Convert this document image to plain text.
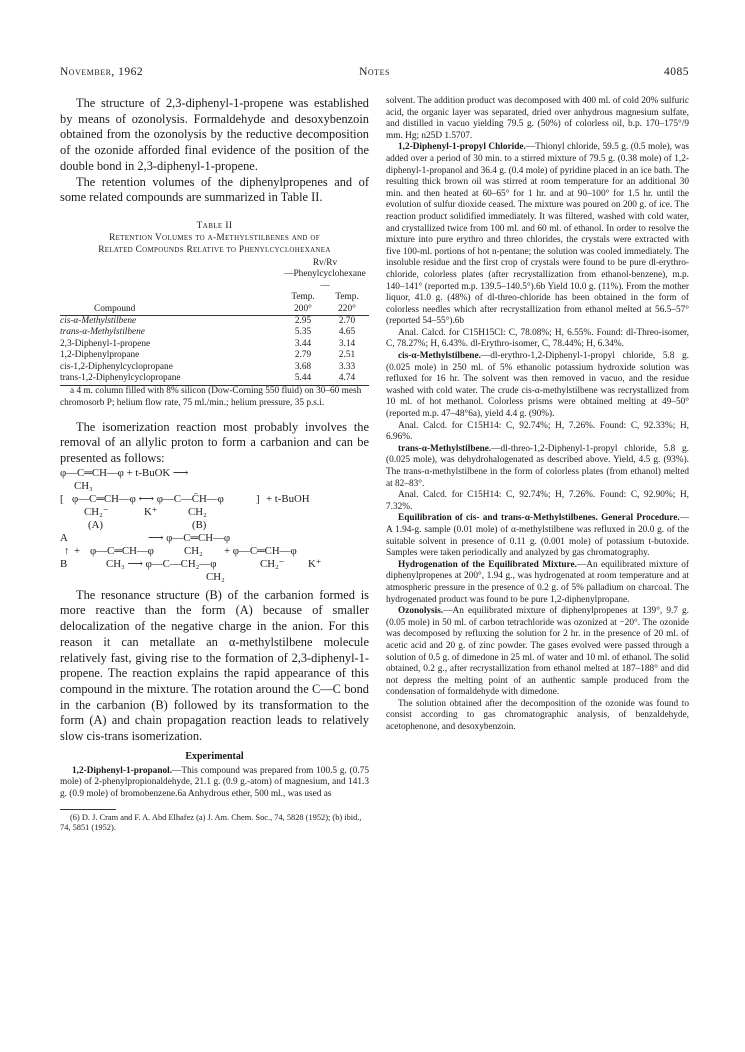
November, 1962	Notes	4085

The structure of 2,3-diphenyl-1-propene was established by means of ozonolysis. Formaldehyde and desoxybenzoin obtained from the ozonolysis by the reductive decomposition of the ozonide afforded final evidence of the position of the double bond in 2,3-diphenyl-1-propene.

The retention volumes of the diphenylpropenes and of some related compounds are summarized in Table II.

Table II
Retention Volumes to α-Methylstilbenes and of
Related Compounds Relative to Phenylcyclohexanea
	Rv/Rv	
	—Phenylcyclohexane—	
	Temp.	Temp.
Compound	200°	220°
cis-α-Methylstilbene	2.95	2.70
trans-α-Methylstilbene	5.35	4.65
2,3-Diphenyl-1-propene	3.44	3.14
1,2-Diphenylpropane	2.79	2.51
cis-1,2-Diphenylcyclopropane	3.68	3.33
trans-1,2-Diphenylcyclopropane	5.44	4.74

a 4 m. column filled with 8% silicon (Dow-Corning 550 fluid) on 30–60 mesh chromosorb P; helium flow rate, 75 ml./min.; helium pressure, 35 p.s.i.

The isomerization reaction most probably involves the removal of an allylic proton to form a carbanion and can be presented as follows:

φ—C═CH—φ + t-BuOK ⟶
CH₃
[ φ—C═CH—φ ⟷ φ—C—C̄H—φ	] + t-BuOH
CH₂⁻	K⁺	CH₂
(A)	(B)
A	⟶ φ—C═CH—φ
↑ + φ—C═CH—φ	CH₂ + φ—C═CH—φ
B	CH₃ ⟶ φ—C—CH₂—φ	CH₂⁻ K⁺
CH₂

The resonance structure (B) of the carbanion formed is more reactive than the form (A) because of smaller delocalization of the negative charge in the anion. For this reason it can metallate an α-methylstilbene molecule relatively fast, giving rise to the formation of 2,3-diphenyl-1-propene. The reaction explains the rapid appearance of this compound in the mixture. The rotation around the C—C bond in the carbanion (B) followed by its transformation to the form (A) and chain propagation reaction leads to relatively slow cis-trans isomerization.

Experimental

1,2-Diphenyl-1-propanol.—This compound was prepared from 100.5 g. (0.75 mole) of 2-phenylpropionaldehyde, 21.1 g. (0.9 g.-atom) of magnesium, and 141.3 g. (0.9 mole) of bromobenzene.6a Anhydrous ether, 500 ml., was used as

(6) D. J. Cram and F. A. Abd Elhafez (a) J. Am. Chem. Soc., 74, 5828 (1952); (b) ibid., 74, 5851 (1952).

solvent. The addition product was decomposed with 400 ml. of cold 20% sulfuric acid, the organic layer was separated, dried over anhydrous magnesium sulfate, and distilled in vacuo yielding 79.5 g. (50%) of colorless oil, b.p. 170–175°/9 mm. Hg; n25D 1.5707.

1,2-Diphenyl-1-propyl Chloride.—Thionyl chloride, 59.5 g. (0.5 mole), was added over a period of 30 min. to a stirred mixture of 79.5 g. (0.38 mole) of 1,2-diphenyl-1-propanol and 36.4 g. (0.4 mole) of pyridine placed in an ice bath. The resulting thick brown oil was stirred at room temperature for an additional 30 min. and then heated at 60–65° for 1 hr. and at 90–100° for 1.5 hr. until the evolution of sulfur dioxide ceased. The mixture was poured on 200 g. of ice. The reaction product solidified immediately. It was filtered, washed with cold water, and crystallized twice from 100 ml. and 60 ml. of ethanol. In order to resolve the mixture into pure erythro and threo chlorides, the crystals were extracted with five 100-ml. portions of hot n-pentane; the solution was cooled immediately. The insoluble residue and the first crop of crystals were found to be pure dl-erythro-chloride, colorless plates (after recrystallization from ethanol-benzene), m.p. 140–141° (reported m.p. 139.5–140.5°).6b Yield 10.0 g. (11%). From the mother liquor, 41.0 g. (48%) of dl-threo-chloride has been obtained in the form of colorless needles which after recrystallization from ethanol melted at 56.5–57° (reported 54–55°).6b

Anal. Calcd. for C15H15Cl: C, 78.08%; H, 6.55%. Found: dl-Threo-isomer, C, 78.27%; H, 6.43%. dl-Erythro-isomer, C, 78.44%; H, 6.34%.

cis-α-Methylstilbene.—dl-erythro-1,2-Diphenyl-1-propyl chloride, 5.8 g. (0.025 mole) in 250 ml. of 5% ethanolic potassium hydroxide solution was refluxed for 16 hr. The solvent was then removed in vacuo, and the residue washed with cold water. The crude cis-α-methylstilbene was recrystallized from 10 ml. of hot methanol. Colorless prisms were obtained melting at 49–50° (reported m.p. 47–48°6a), yield 4.4 g. (90%).

Anal. Calcd. for C15H14: C, 92.74%; H, 7.26%. Found: C, 92.33%; H, 6.96%.

trans-α-Methylstilbene.—dl-threo-1,2-Diphenyl-1-propyl chloride, 5.8 g. (0.025 mole), was dehydrohalogenated as described above. Yield, 4.5 g. (93%). The trans-α-methylstilbene in the form of colorless plates (from ethanol) melted at 82–83°.

Anal. Calcd. for C15H14: C, 92.74%; H, 7.26%. Found: C, 92.90%; H, 7.32%.

Equilibration of cis- and trans-α-Methylstilbenes. General Procedure.—A 1.94-g. sample (0.01 mole) of α-methylstilbene was refluxed in 20.0 g. of the suitable solvent in presence of 0.11 g. (0.001 mole) of potassium t-butoxide. Samples were taken periodically and analyzed by gas chromatography.

Hydrogenation of the Equilibrated Mixture.—An equilibrated mixture of diphenylpropenes at 200°, 1.94 g., was hydrogenated at room temperature and at atmospheric pressure in the presence of 0.2 g. of 5% palladium on charcoal. The hydrogenated product was found to be pure 1,2-diphenylpropane.

Ozonolysis.—An equilibrated mixture of diphenylpropenes at 139°, 9.7 g. (0.05 mole) in 50 ml. of carbon tetrachloride was ozonized at −20°. The ozonide was decomposed by refluxing the solution for 2 hr. in the presence of 20 ml. of acetic acid and 20 g. of zinc powder. The gases evolved were passed through a solution of 0.5 g. of dimedone in 25 ml. of water and 10 ml. of ethanol. The solid obtained, 0.2 g., after recrystallization from ethanol melted at 187–188° and did not depress the melting point of an authentic sample produced from the condensation of formaldehyde with dimedone.

The solution obtained after the decomposition of the ozonide was found to consist according to gas chromatographic analysis, of benzaldehyde, acetophenone, and desoxybenzoin.
